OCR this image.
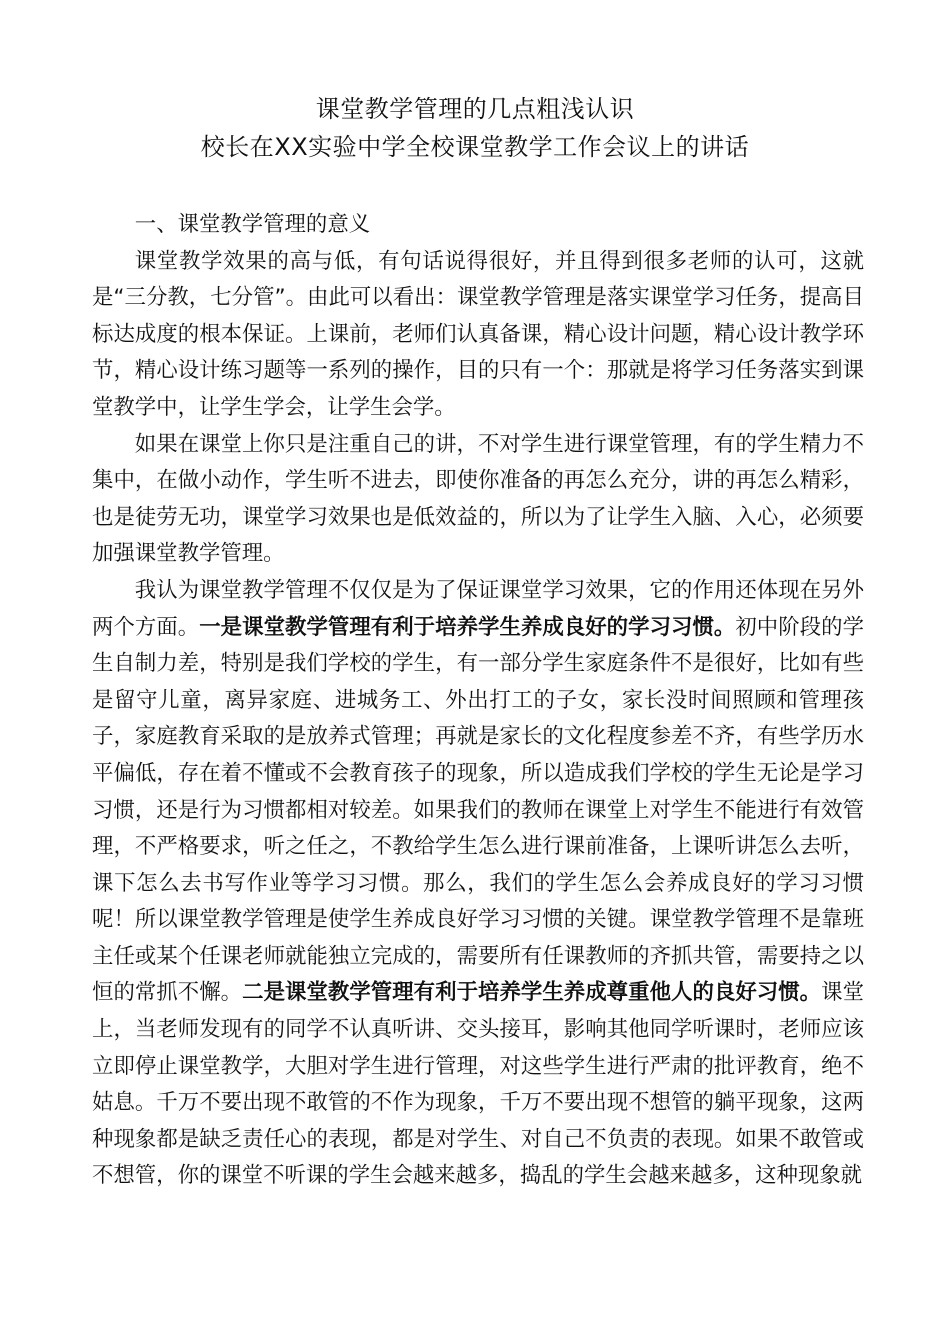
课堂教学管理的几点粗浅认识
校长在XX实验中学全校课堂教学工作会议上的讲话

一、课堂教学管理的意义

课堂教学效果的高与低，有句话说得很好，并且得到很多老师的认可，这就是“三分教，七分管”。由此可以看出：课堂教学管理是落实课堂学习任务，提高目标达成度的根本保证。上课前，老师们认真备课，精心设计问题，精心设计教学环节，精心设计练习题等一系列的操作，目的只有一个：那就是将学习任务落实到课堂教学中，让学生学会，让学生会学。

如果在课堂上你只是注重自己的讲，不对学生进行课堂管理，有的学生精力不集中，在做小动作，学生听不进去，即使你准备的再怎么充分，讲的再怎么精彩，也是徒劳无功，课堂学习效果也是低效益的，所以为了让学生入脑、入心，必须要加强课堂教学管理。

我认为课堂教学管理不仅仅是为了保证课堂学习效果，它的作用还体现在另外两个方面。一是课堂教学管理有利于培养学生养成良好的学习习惯。初中阶段的学生自制力差，特别是我们学校的学生，有一部分学生家庭条件不是很好，比如有些是留守儿童，离异家庭、进城务工、外出打工的子女，家长没时间照顾和管理孩子，家庭教育采取的是放养式管理；再就是家长的文化程度参差不齐，有些学历水平偏低，存在着不懂或不会教育孩子的现象，所以造成我们学校的学生无论是学习习惯，还是行为习惯都相对较差。如果我们的教师在课堂上对学生不能进行有效管理，不严格要求，听之任之，不教给学生怎么进行课前准备，上课听讲怎么去听，课下怎么去书写作业等学习习惯。那么，我们的学生怎么会养成良好的学习习惯呢！所以课堂教学管理是使学生养成良好学习习惯的关键。课堂教学管理不是靠班主任或某个任课老师就能独立完成的，需要所有任课教师的齐抓共管，需要持之以恒的常抓不懈。二是课堂教学管理有利于培养学生养成尊重他人的良好习惯。课堂上，当老师发现有的同学不认真听讲、交头接耳，影响其他同学听课时，老师应该立即停止课堂教学，大胆对学生进行管理，对这些学生进行严肃的批评教育，绝不姑息。千万不要出现不敢管的不作为现象，千万不要出现不想管的躺平现象，这两种现象都是缺乏责任心的表现，都是对学生、对自己不负责的表现。如果不敢管或不想管，你的课堂不听课的学生会越来越多，捣乱的学生会越来越多，这种现象就
